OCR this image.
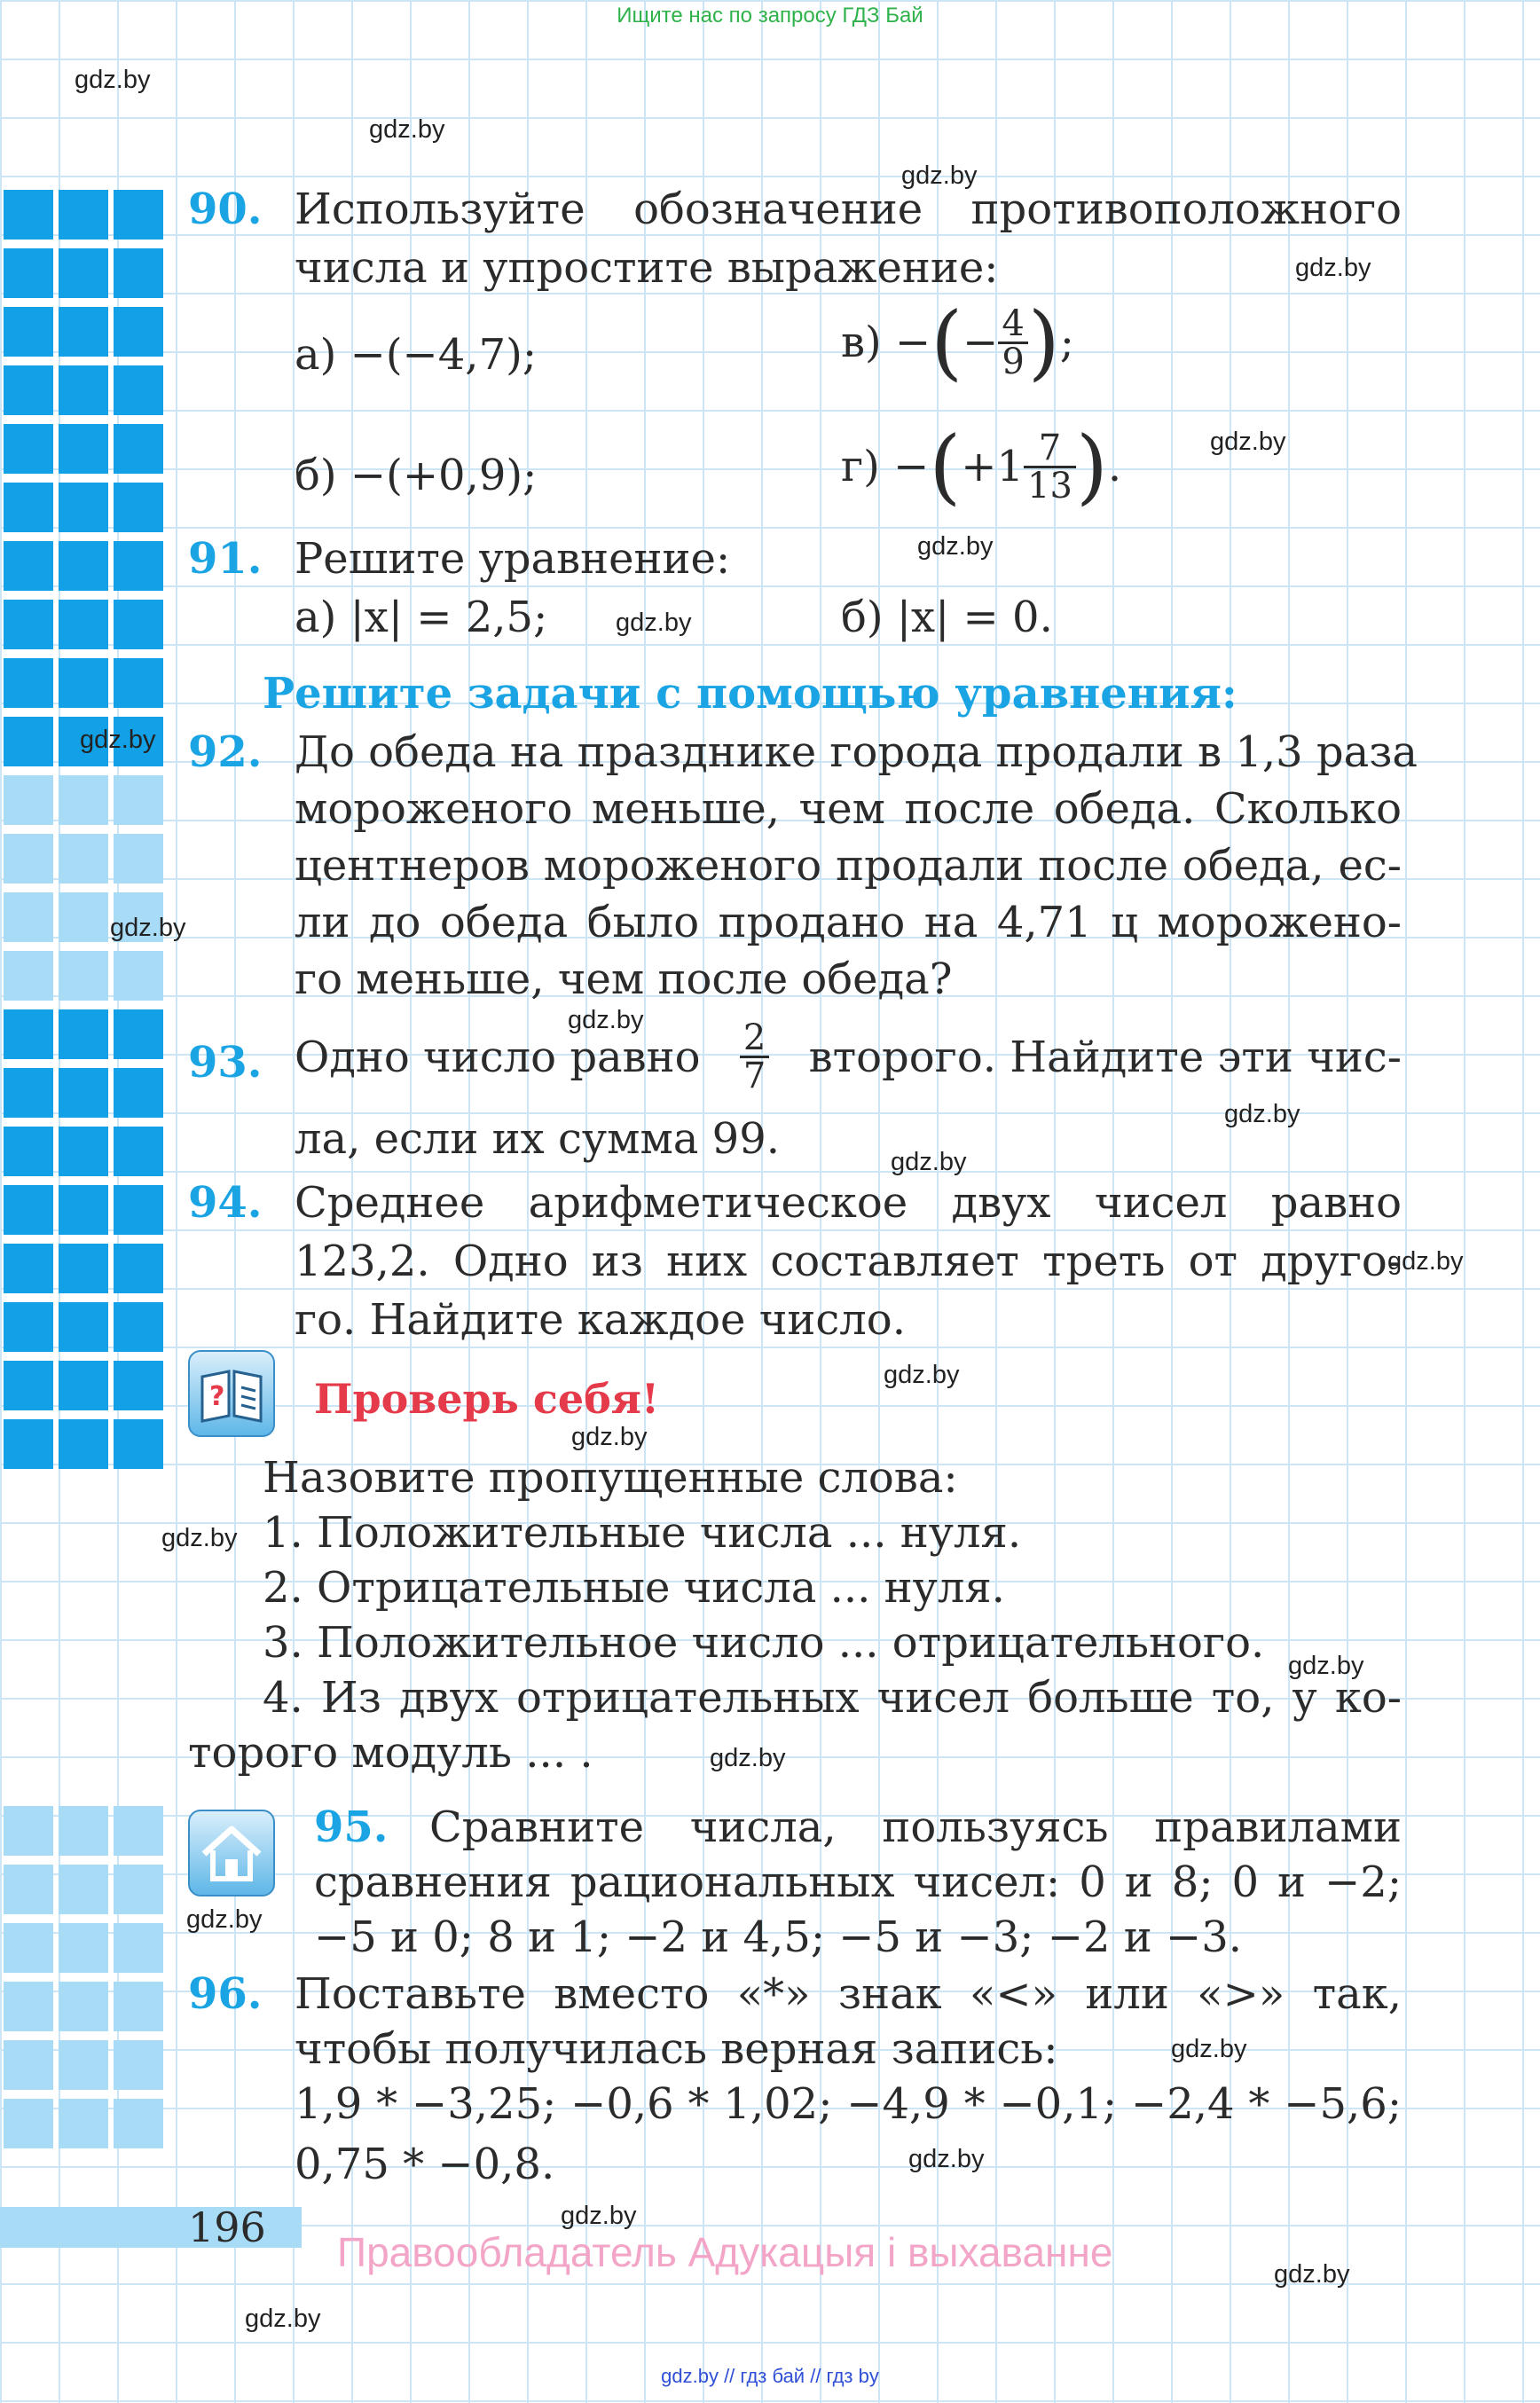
Ищите нас по запросу ГДЗ Бай
gdz.by // гдз бай // гдз by
90. Используйте обозначение противоположного
числа и упростите выражение:
а) −(−4,7);	в) − ( − $\frac{4}{9}$ ) ;
б) −(+0,9);	г) − ( $+1 \frac{7}{13}$ ) .
91. Решите уравнение:
а) |x| = 2,5;	б) |x| = 0.
Решите задачи с помощью уравнения:
92. До обеда на празднике города продали в 1,3 раза
мороженого меньше, чем после обеда. Сколько
центнеров мороженого продали после обеда, ес-
ли до обеда было продано на 4,71 ц морожено-
го меньше, чем после обеда?
93. Одно число равно $\frac{2}{7}$ второго. Найдите эти чис-
ла, если их сумма 99.
94. Среднее арифметическое двух чисел равно
123,2. Одно из них составляет треть от друго-
го. Найдите каждое число.
? Проверь себя!
Назовите пропущенные слова:
1. Положительные числа ... нуля.
2. Отрицательные числа ... нуля.
3. Положительное число ... отрицательного.
4. Из двух отрицательных чисел больше то, у ко-
торого модуль ... .
95. Сравните числа, пользуясь правилами
сравнения рациональных чисел: 0 и 8; 0 и −2;
−5 и 0; 8 и 1; −2 и 4,5; −5 и −3; −2 и −3.
96. Поставьте вместо «*» знак «<» или «>» так,
чтобы получилась верная запись:
1,9 * −3,25; −0,6 * 1,02; −4,9 * −0,1; −2,4 * −5,6;
0,75 * −0,8.
196
Правообладатель Адукацыя і выхаванне
gdz.by
gdz.by
gdz.by
gdz.by
gdz.by
gdz.by
gdz.by
gdz.by
gdz.by
gdz.by
gdz.by
gdz.by
gdz.by
gdz.by
gdz.by
gdz.by
gdz.by
gdz.by
gdz.by
gdz.by
gdz.by
gdz.by
gdz.by
gdz.by
